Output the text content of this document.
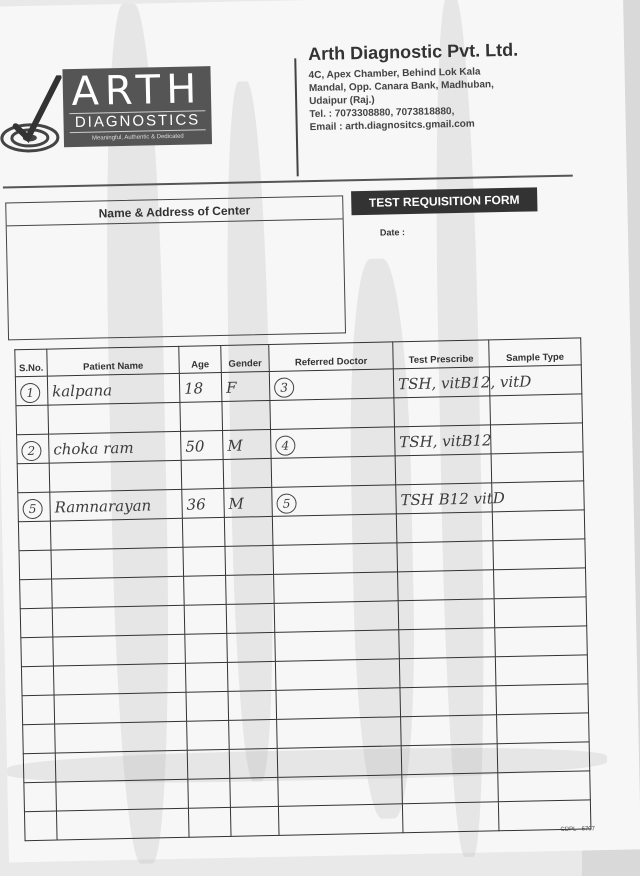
ARTH
DIAGNOSTICS
Meaningful, Authentic & Dedicated
Arth Diagnostic Pvt. Ltd.
4C, Apex Chamber, Behind Lok Kala
Mandal, Opp. Canara Bank, Madhuban,
Udaipur (Raj.)
Tel. : 7073308880, 7073818880,
Email : arth.diagnositcs.gmail.com
Name & Address of Center
TEST REQUISITION FORM
Date :
S.No.	Patient Name	Age	Gender	Referred Doctor	Test Prescribe	Sample Type

1	kalpana	18	F	3	TSH, vitB12, vitD	

2	choka ram	50	M	4	TSH, vitB12	

5	Ramnarayan	36	M	5	TSH B12 vitD	

CDPL - 6707
